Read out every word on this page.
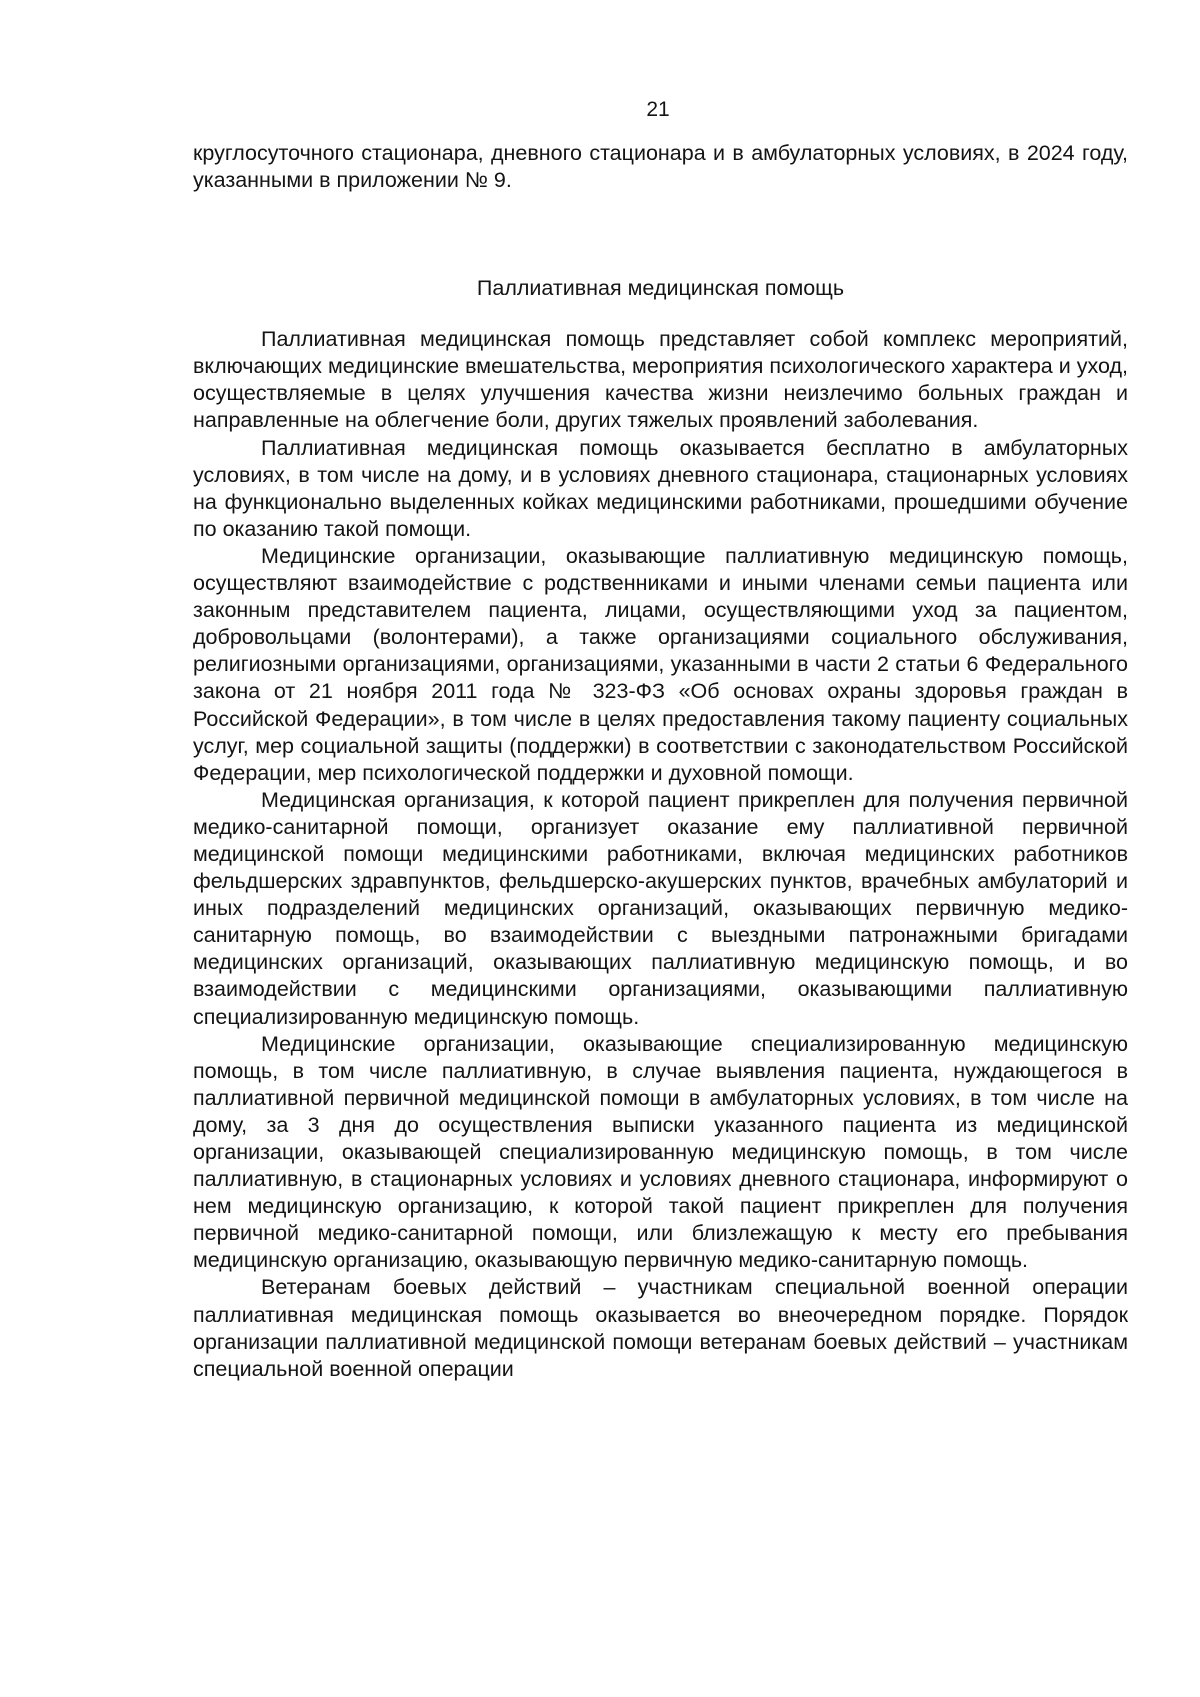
21

круглосуточного стационара, дневного стационара и в амбулаторных условиях, в 2024 году, указанными в приложении № 9.

Паллиативная медицинская помощь

Паллиативная медицинская помощь представляет собой комплекс мероприятий, включающих медицинские вмешательства, мероприятия психологического характера и уход, осуществляемые в целях улучшения качества жизни неизлечимо больных граждан и направленные на облегчение боли, других тяжелых проявлений заболевания.

Паллиативная медицинская помощь оказывается бесплатно в амбулаторных условиях, в том числе на дому, и в условиях дневного стационара, стационарных условиях на функционально выделенных койках медицинскими работниками, прошедшими обучение по оказанию такой помощи.

Медицинские организации, оказывающие паллиативную медицинскую помощь, осуществляют взаимодействие с родственниками и иными членами семьи пациента или законным представителем пациента, лицами, осуществляющими уход за пациентом, добровольцами (волонтерами), а также организациями социального обслуживания, религиозными организациями, организациями, указанными в части 2 статьи 6 Федерального закона от 21 ноября 2011 года № 323-ФЗ «Об основах охраны здоровья граждан в Российской Федерации», в том числе в целях предоставления такому пациенту социальных услуг, мер социальной защиты (поддержки) в соответствии с законодательством Российской Федерации, мер психологической поддержки и духовной помощи.

Медицинская организация, к которой пациент прикреплен для получения первичной медико-санитарной помощи, организует оказание ему паллиативной первичной медицинской помощи медицинскими работниками, включая медицинских работников фельдшерских здравпунктов, фельдшерско-акушерских пунктов, врачебных амбулаторий и иных подразделений медицинских организаций, оказывающих первичную медико-санитарную помощь, во взаимодействии с выездными патронажными бригадами медицинских организаций, оказывающих паллиативную медицинскую помощь, и во взаимодействии с медицинскими организациями, оказывающими паллиативную специализированную медицинскую помощь.

Медицинские организации, оказывающие специализированную медицинскую помощь, в том числе паллиативную, в случае выявления пациента, нуждающегося в паллиативной первичной медицинской помощи в амбулаторных условиях, в том числе на дому, за 3 дня до осуществления выписки указанного пациента из медицинской организации, оказывающей специализированную медицинскую помощь, в том числе паллиативную, в стационарных условиях и условиях дневного стационара, информируют о нем медицинскую организацию, к которой такой пациент прикреплен для получения первичной медико-санитарной помощи, или близлежащую к месту его пребывания медицинскую организацию, оказывающую первичную медико-санитарную помощь.

Ветеранам боевых действий – участникам специальной военной операции паллиативная медицинская помощь оказывается во внеочередном порядке. Порядок организации паллиативной медицинской помощи ветеранам боевых действий – участникам специальной военной операции
